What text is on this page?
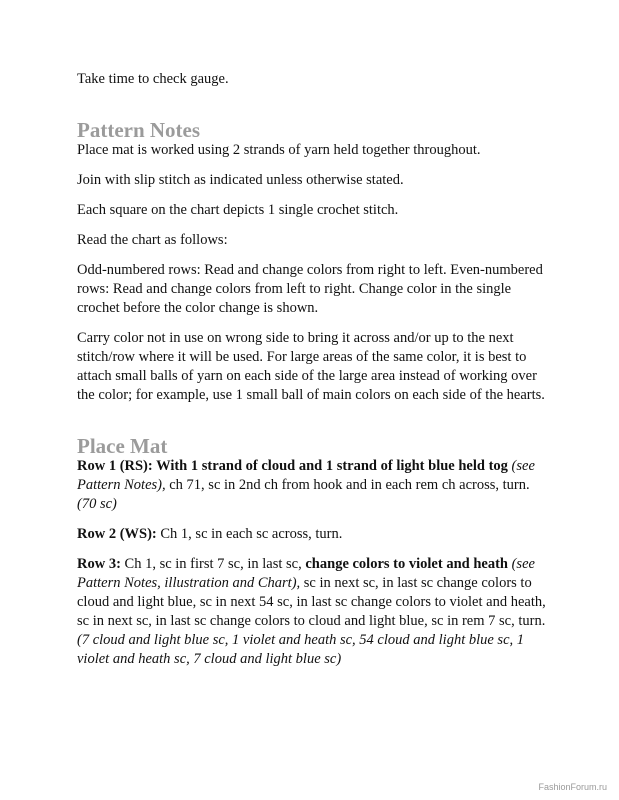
Take time to check gauge.

Pattern Notes

Place mat is worked using 2 strands of yarn held together throughout.

Join with slip stitch as indicated unless otherwise stated.

Each square on the chart depicts 1 single crochet stitch.

Read the chart as follows:

Odd-numbered rows: Read and change colors from right to left. Even-numbered rows: Read and change colors from left to right. Change color in the single crochet before the color change is shown.

Carry color not in use on wrong side to bring it across and/or up to the next stitch/row where it will be used. For large areas of the same color, it is best to attach small balls of yarn on each side of the large area instead of working over the color; for example, use 1 small ball of main colors on each side of the hearts.

Place Mat

Row 1 (RS): With 1 strand of cloud and 1 strand of light blue held tog (see Pattern Notes), ch 71, sc in 2nd ch from hook and in each rem ch across, turn. (70 sc)

Row 2 (WS): Ch 1, sc in each sc across, turn.

Row 3: Ch 1, sc in first 7 sc, in last sc, change colors to violet and heath (see Pattern Notes, illustration and Chart), sc in next sc, in last sc change colors to cloud and light blue, sc in next 54 sc, in last sc change colors to violet and heath, sc in next sc, in last sc change colors to cloud and light blue, sc in rem 7 sc, turn. (7 cloud and light blue sc, 1 violet and heath sc, 54 cloud and light blue sc, 1 violet and heath sc, 7 cloud and light blue sc)

FashionForum.ru
